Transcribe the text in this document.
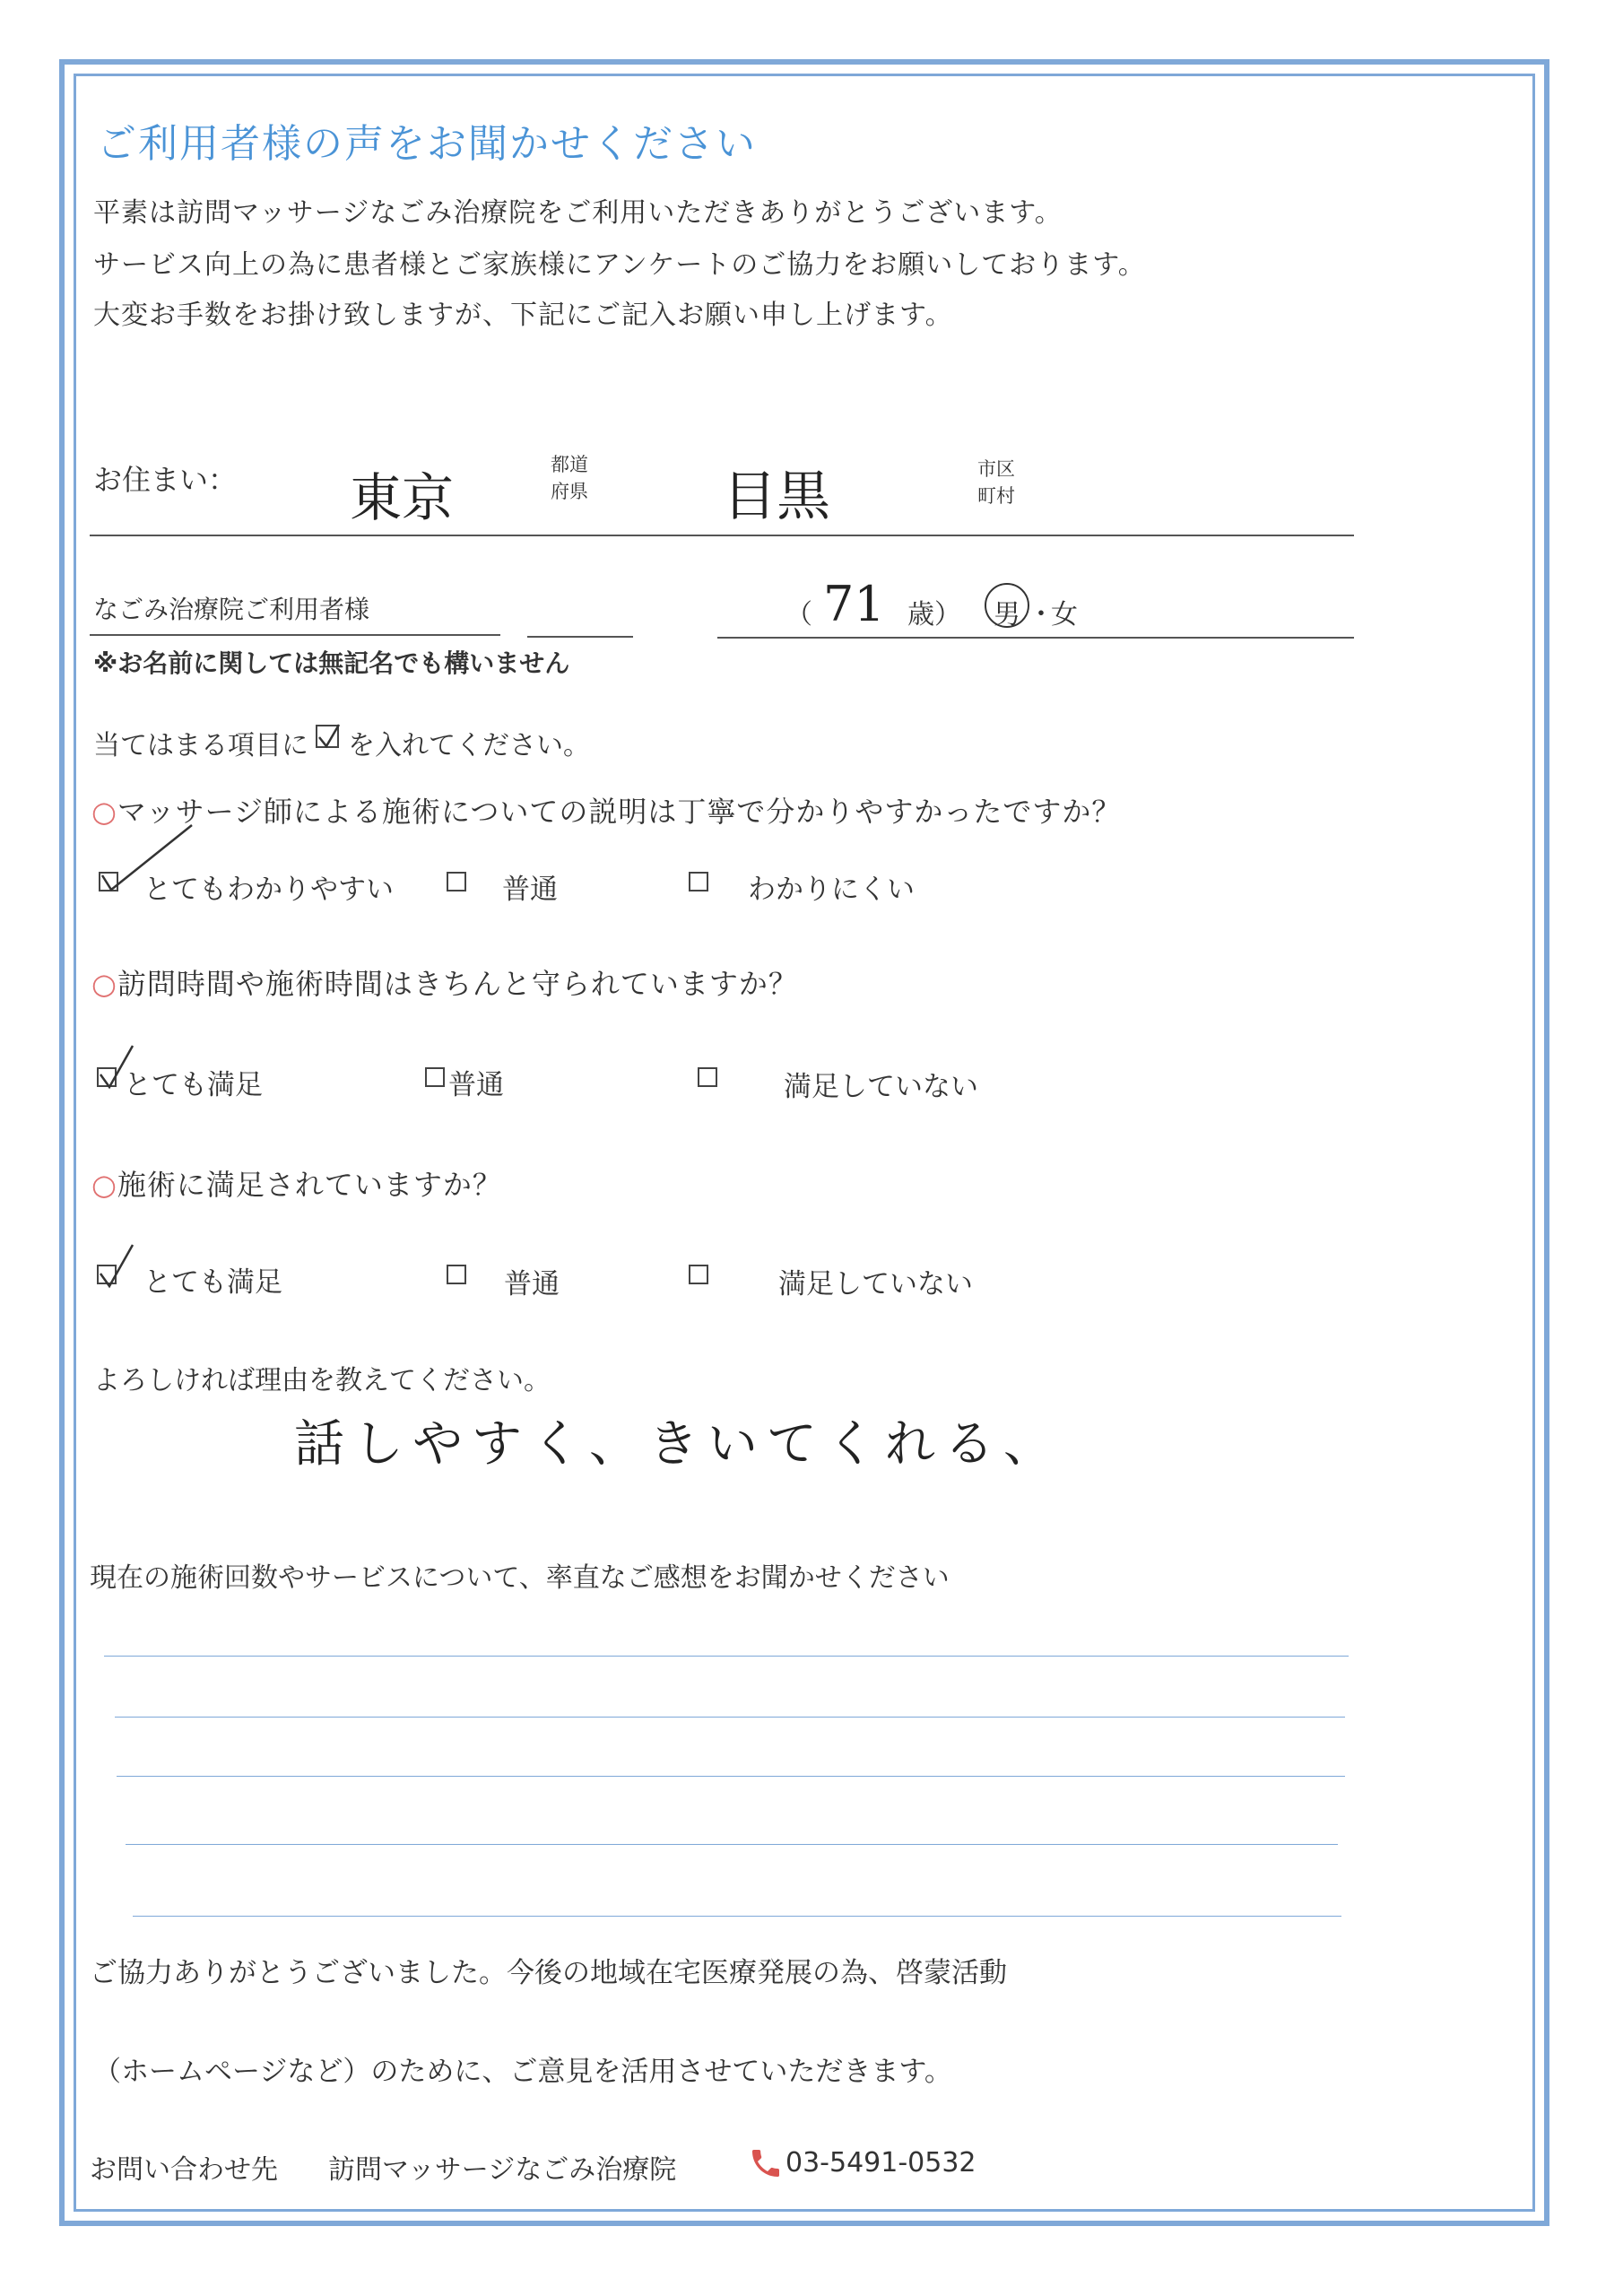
ご利用者様の声をお聞かせください
平素は訪問マッサージなごみ治療院をご利用いただきありがとうございます。
サービス向上の為に患者様とご家族様にアンケートのご協力をお願いしております。
大変お手数をお掛け致しますが、下記にご記入お願い申し上げます。
お住まい： 東京
都道
府県	目黒	市区
町村
なごみ治療院ご利用者様	（ 71 歳） 男 ・
女
※お名前に関しては無記名でも構いません
当てはまる項目に を入れてください。
○マッサージ師による施術についての説明は丁寧で分かりやすかったですか？
とてもわかりやすい	普通	わかりにくい
○訪問時間や施術時間はきちんと守られていますか？
とても満足	普通	満足していない
○施術に満足されていますか？
とても満足	普通	満足していない
よろしければ理由を教えてください。
話しやすく、きいてくれる、
現在の施術回数やサービスについて、率直なご感想をお聞かせください
ご協力ありがとうございました。今後の地域在宅医療発展の為、啓蒙活動
（ホームページなど）のために、ご意見を活用させていただきます。
お問い合わせ先 訪問マッサージなごみ治療院	03-5491-0532
